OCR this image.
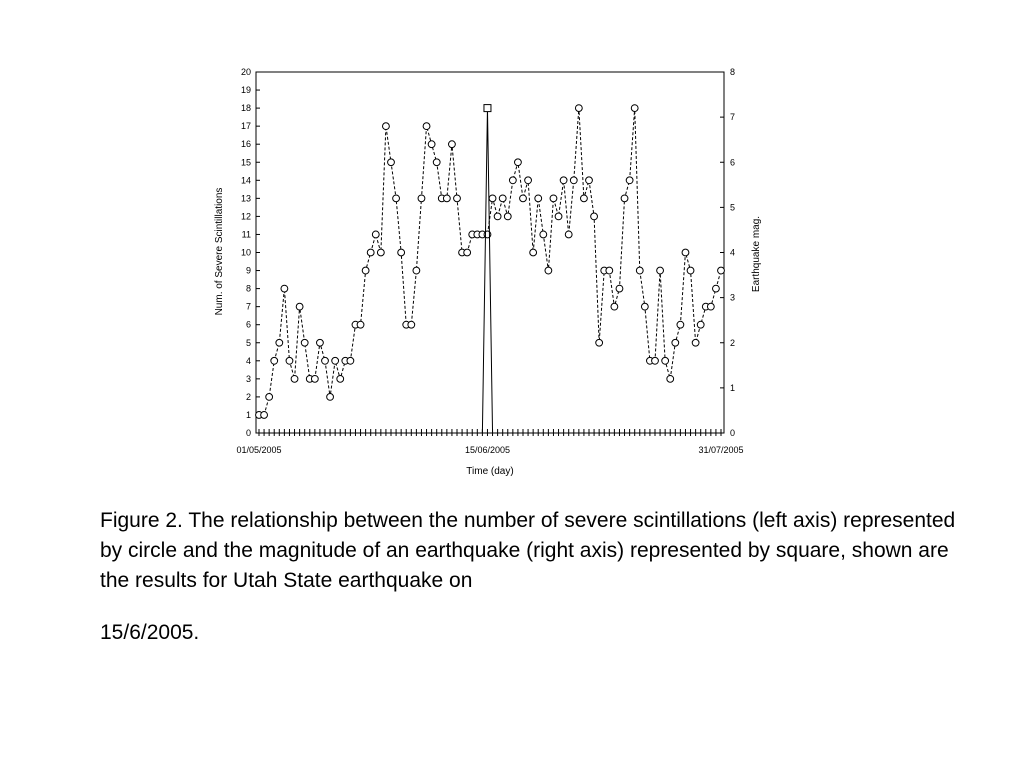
0
1
2
3
4
5
6
7
8
9
10
11
12
13
14
15
16
17
18
19
20
0
1
2
3
4
5
6
7
8
01/05/2005	15/06/2005	31/07/2005
Time (day)
Num. of Severe Scintillations	Earthquake mag.
Figure 2. The relationship between the number of severe scintillations (left axis) represented by circle and the magnitude of an earthquake (right axis) represented by square, shown are the results for Utah State earthquake on
15/6/2005.
